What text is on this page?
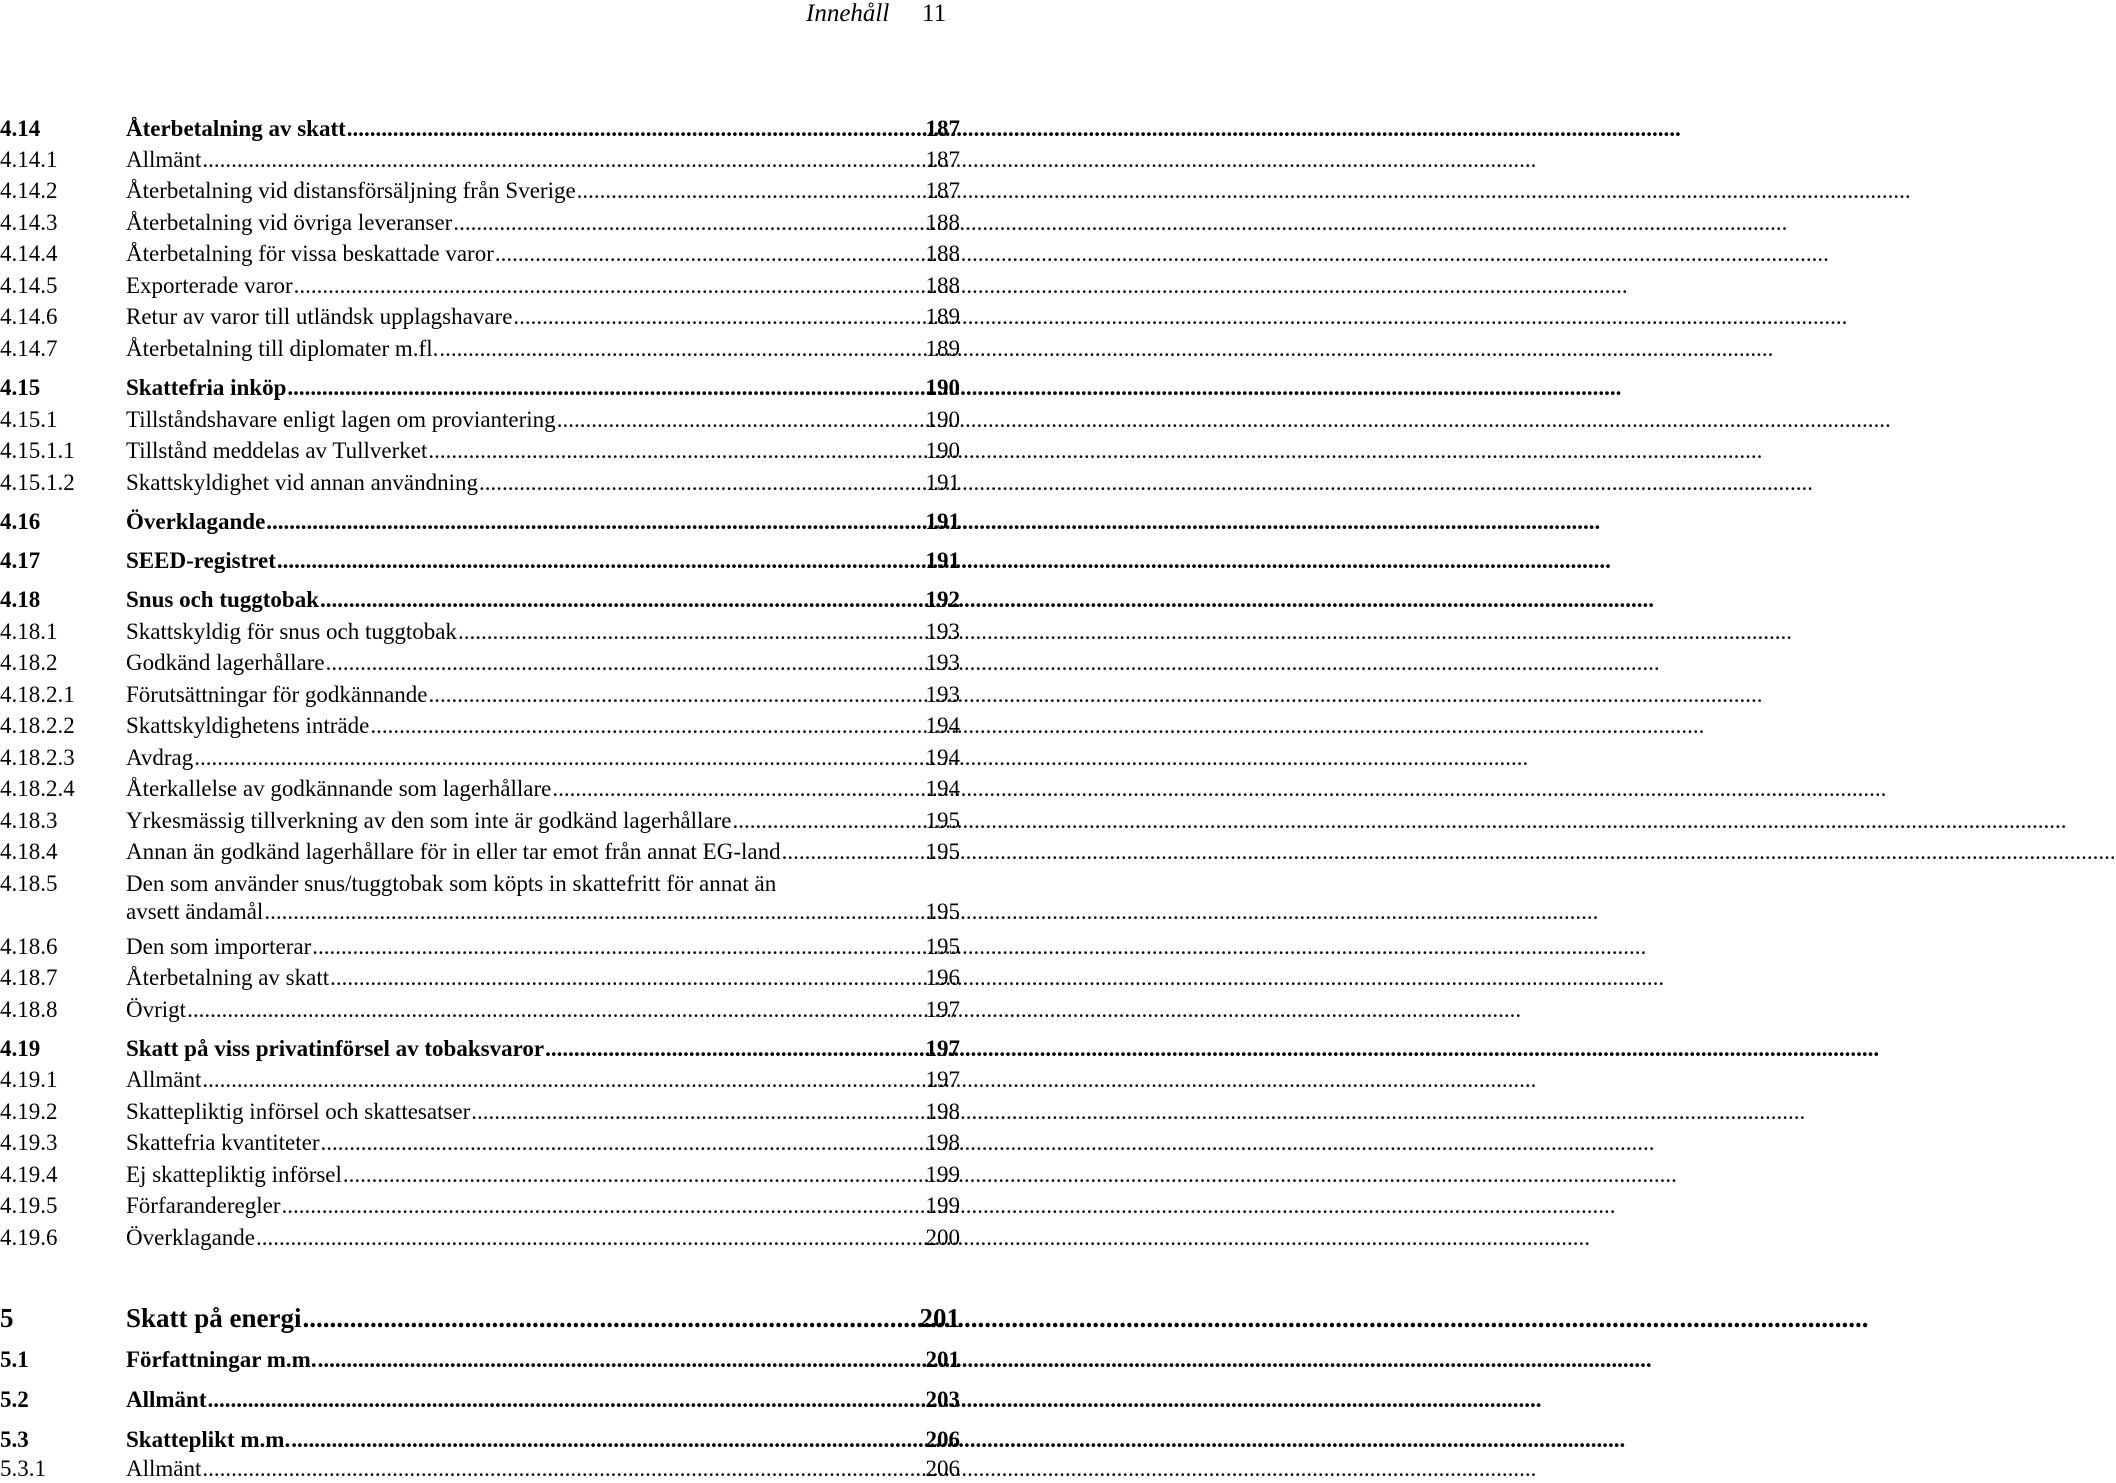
Innehåll 11
4.14	Återbetalning av skatt .....	187
4.14.1	Allmänt .....	187
4.14.2	Återbetalning vid distansförsäljning från Sverige .....	187
4.14.3	Återbetalning vid övriga leveranser .....	188
4.14.4	Återbetalning för vissa beskattade varor .....	188
4.14.5	Exporterade varor .....	188
4.14.6	Retur av varor till utländsk upplagshavare .....	189
4.14.7	Återbetalning till diplomater m.fl. .....	189
4.15	Skattefria inköp .....	190
4.15.1	Tillståndshavare enligt lagen om proviantering .....	190
4.15.1.1 Tillstånd meddelas av Tullverket .....	190
4.15.1.2 Skattskyldighet vid annan användning .....	191
4.16	Överklagande .....	191
4.17	SEED-registret .....	191
4.18	Snus och tuggtobak .....	192
4.18.1	Skattskyldig för snus och tuggtobak .....	193
4.18.2	Godkänd lagerhållare .....	193
4.18.2.1 Förutsättningar för godkännande .....	193
4.18.2.2 Skattskyldighetens inträde .....	194
4.18.2.3 Avdrag .....	194
4.18.2.4 Återkallelse av godkännande som lagerhållare .....	194
4.18.3	Yrkesmässig tillverkning av den som inte är godkänd lagerhållare .....	195
4.18.4	Annan än godkänd lagerhållare för in eller tar emot från annat EG-land .....	195
4.18.5	Den som använder snus/tuggtobak som köpts in skattefritt för annat än
avsett ändamål .....	195
4.18.6	Den som importerar .....	195
4.18.7	Återbetalning av skatt .....	196
4.18.8	Övrigt .....	197
4.19	Skatt på viss privatinförsel av tobaksvaror .....	197
4.19.1	Allmänt .....	197
4.19.2	Skattepliktig införsel och skattesatser .....	198
4.19.3	Skattefria kvantiteter .....	198
4.19.4	Ej skattepliktig införsel .....	199
4.19.5	Förfaranderegler .....	199
4.19.6	Överklagande .....	200
5	Skatt på energi .....	201
5.1	Författningar m.m. .....	201
5.2	Allmänt .....	203
5.3	Skatteplikt m.m. .....	206
5.3.1	Allmänt .....	206
